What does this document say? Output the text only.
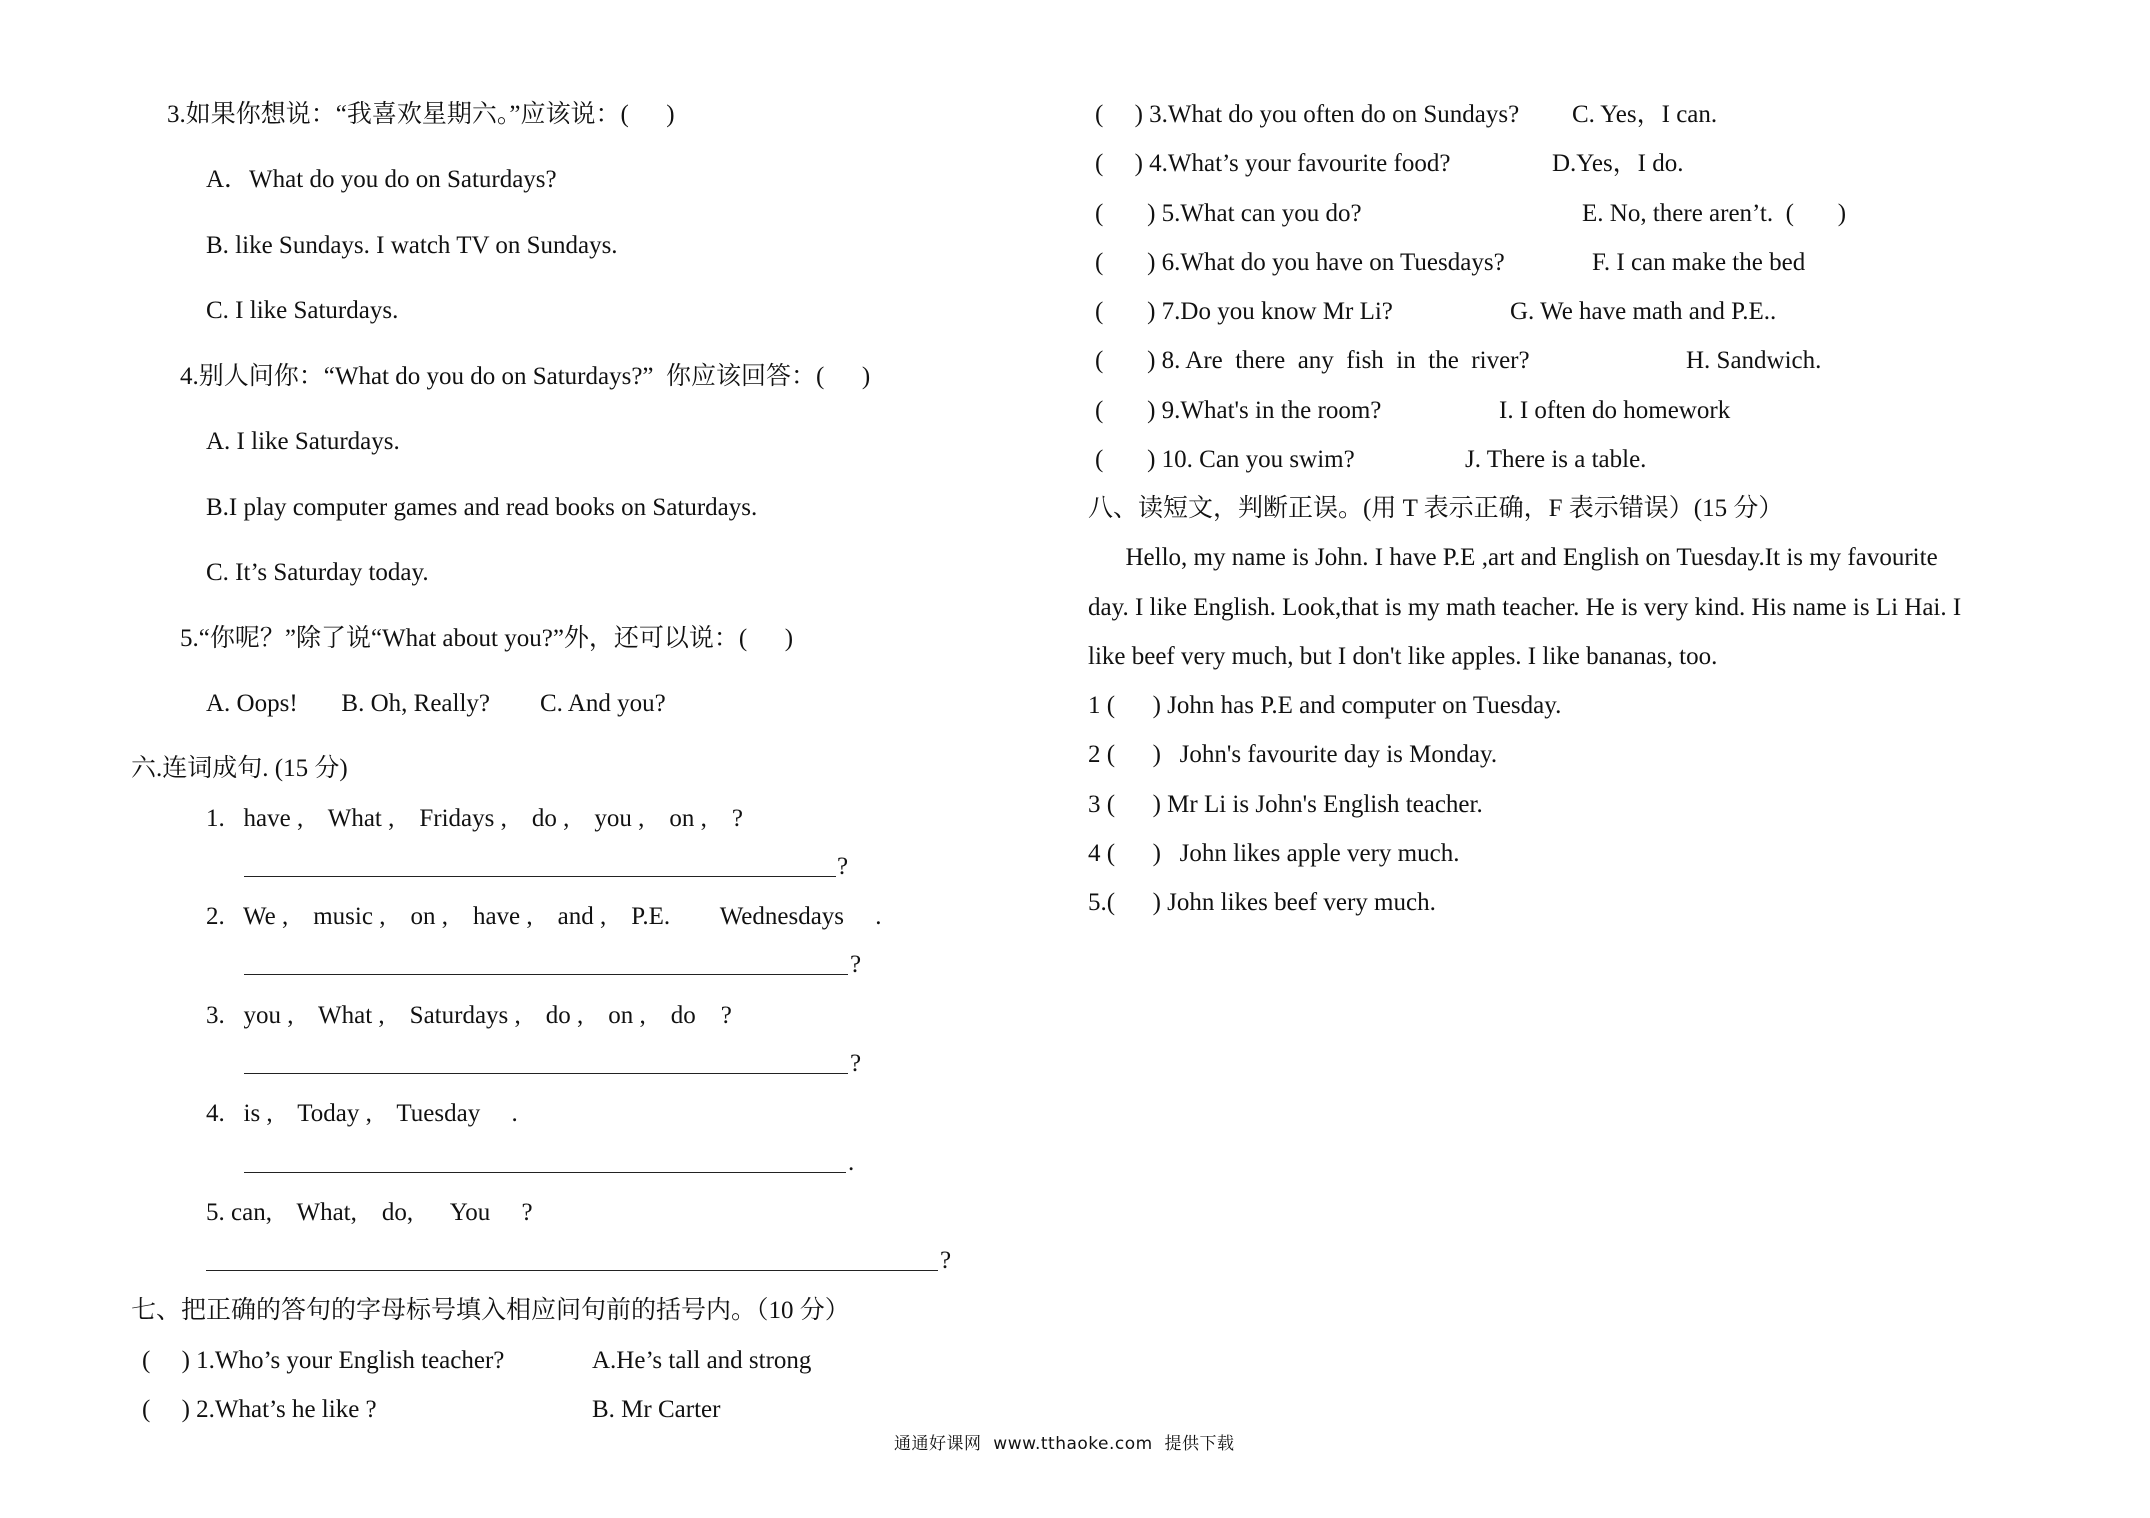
3.如果你想说：“我喜欢星期六。”应该说：(      )
A．What do you do on Saturdays?
B. like Sundays. I watch TV on Sundays.
C. I like Saturdays.
4.别人问你：“What do you do on Saturdays?”  你应该回答：(      )
A. I like Saturdays.
B.I play computer games and read books on Saturdays.
C. It’s Saturday today.
5.“你呢？”除了说“What about you?”外，还可以说：(      )
A. Oops!       B. Oh, Really?        C. And you?
六.连词成句. (15 分)
1.   have ,    What ,    Fridays ,    do ,    you ,    on ,    ?
?
2.   We ,    music ,    on ,    have ,    and ,    P.E.        Wednesdays     .
?
3.   you ,    What ,    Saturdays ,    do ,    on ,    do    ?
?
4.   is ,    Today ,    Tuesday     .
.
5. can,    What,    do,      You     ?
?
七、把正确的答句的字母标号填入相应问句前的括号内。（10 分）
(     ) 1.Who’s your English teacher?	A.He’s tall and strong
(     ) 2.What’s he like ?	B. Mr Carter
(     ) 3.What do you often do on Sundays? C. Yes，I can.
(     ) 4.What’s your favourite food?	D.Yes，I do.
(       ) 5.What can you do?	E. No, there aren’t.  (       )
(       ) 6.What do you have on Tuesdays?	F. I can make the bed
(       ) 7.Do you know Mr Li?	G. We have math and P.E..
(       ) 8. Are  there  any  fish  in  the  river?	H. Sandwich.
(       ) 9.What's in the room?	I. I often do homework
(       ) 10. Can you swim?	J. There is a table.
八、读短文，判断正误。(用 T 表示正确，F 表示错误）(15 分）
Hello, my name is John. I have P.E ,art and English on Tuesday.It is my favourite
day. I like English. Look,that is my math teacher. He is very kind. His name is Li Hai. I
like beef very much, but I don't like apples. I like bananas, too.
1 (      ) John has P.E and computer on Tuesday.
2 (      )   John's favourite day is Monday.
3 (      ) Mr Li is John's English teacher.
4 (      )   John likes apple very much.
5.(      ) John likes beef very much.
通通好课网  www.tthaoke.com  提供下载
